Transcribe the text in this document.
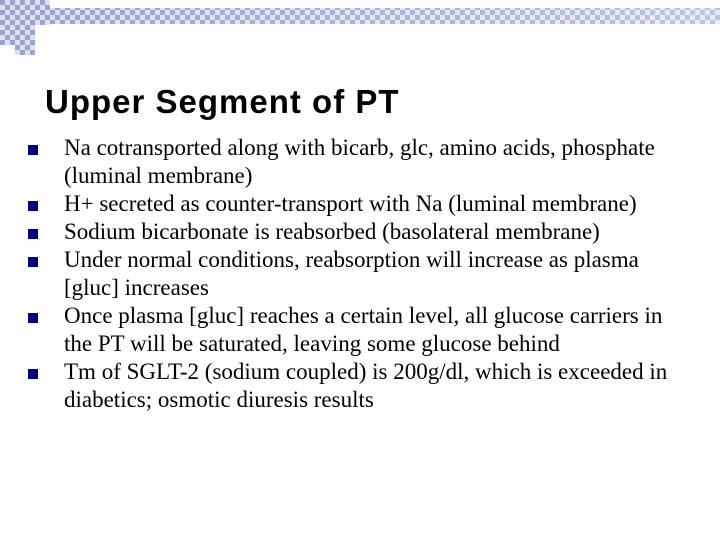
Upper Segment of PT
Na cotransported along with bicarb, glc, amino acids, phosphate (luminal membrane)
H+ secreted as counter-transport with Na (luminal membrane)
Sodium bicarbonate is reabsorbed (basolateral membrane)
Under normal conditions, reabsorption will increase as plasma [gluc] increases
Once plasma [gluc] reaches a certain level, all glucose carriers in the PT will be saturated, leaving some glucose behind
Tm of SGLT-2 (sodium coupled) is 200g/dl, which is exceeded in diabetics; osmotic diuresis results
